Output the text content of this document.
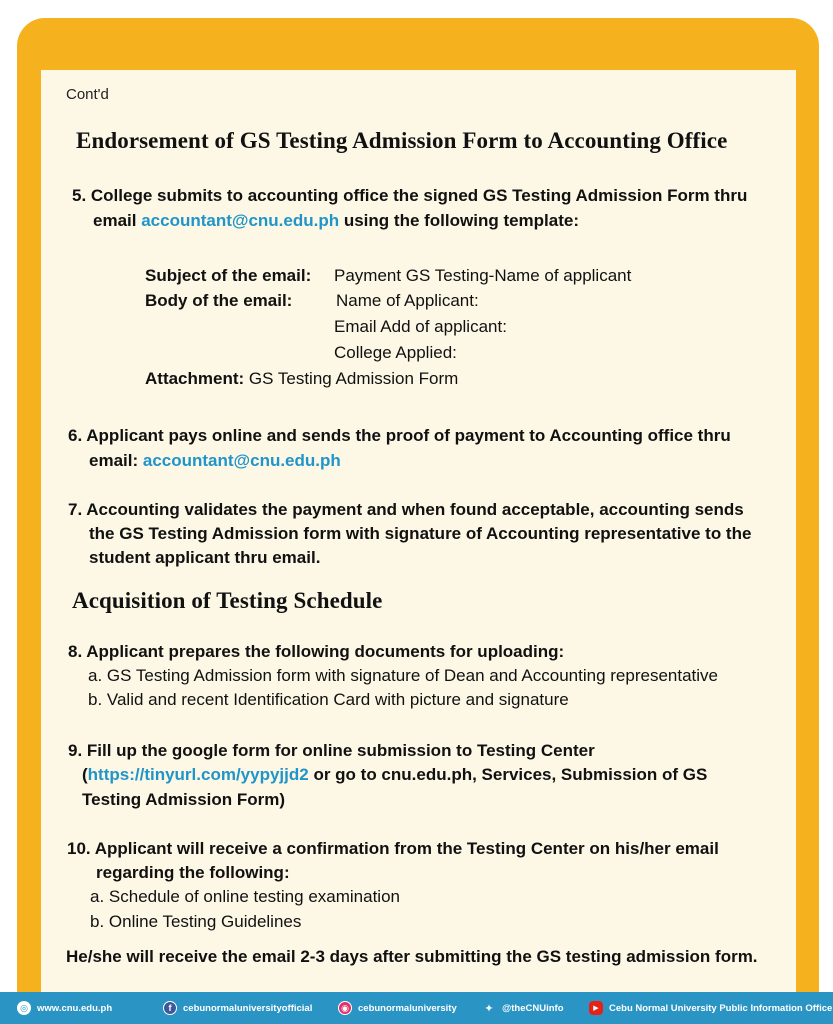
Cont'd
Endorsement of GS Testing Admission Form to Accounting Office
5. College submits to accounting office the signed GS Testing Admission Form thru
email accountant@cnu.edu.ph using the following template:
Subject of the email: Payment GS Testing-Name of applicant
Body of the email:	Name of Applicant:
Email Add of applicant:
College Applied:
Attachment: GS Testing Admission Form
6. Applicant pays online and sends the proof of payment to Accounting office thru
email: accountant@cnu.edu.ph
7. Accounting validates the payment and when found acceptable, accounting sends
the GS Testing Admission form with signature of Accounting representative to the
student applicant thru email.
Acquisition of Testing Schedule
8. Applicant prepares the following documents for uploading:
a. GS Testing Admission form with signature of Dean and Accounting representative
b. Valid and recent Identification Card with picture and signature
9. Fill up the google form for online submission to Testing Center
(https://tinyurl.com/yypyjjd2 or go to cnu.edu.ph, Services, Submission of GS
Testing Admission Form)
10. Applicant will receive a confirmation from the Testing Center on his/her email
regarding the following:
a. Schedule of online testing examination
b. Online Testing Guidelines
He/she will receive the email 2-3 days after submitting the GS testing admission form.
◎ www.cnu.edu.ph	f	cebunormaluniversityofficial	◉ cebunormaluniversity	✦ @theCNUinfo	▶	Cebu Normal University Public Information Office
